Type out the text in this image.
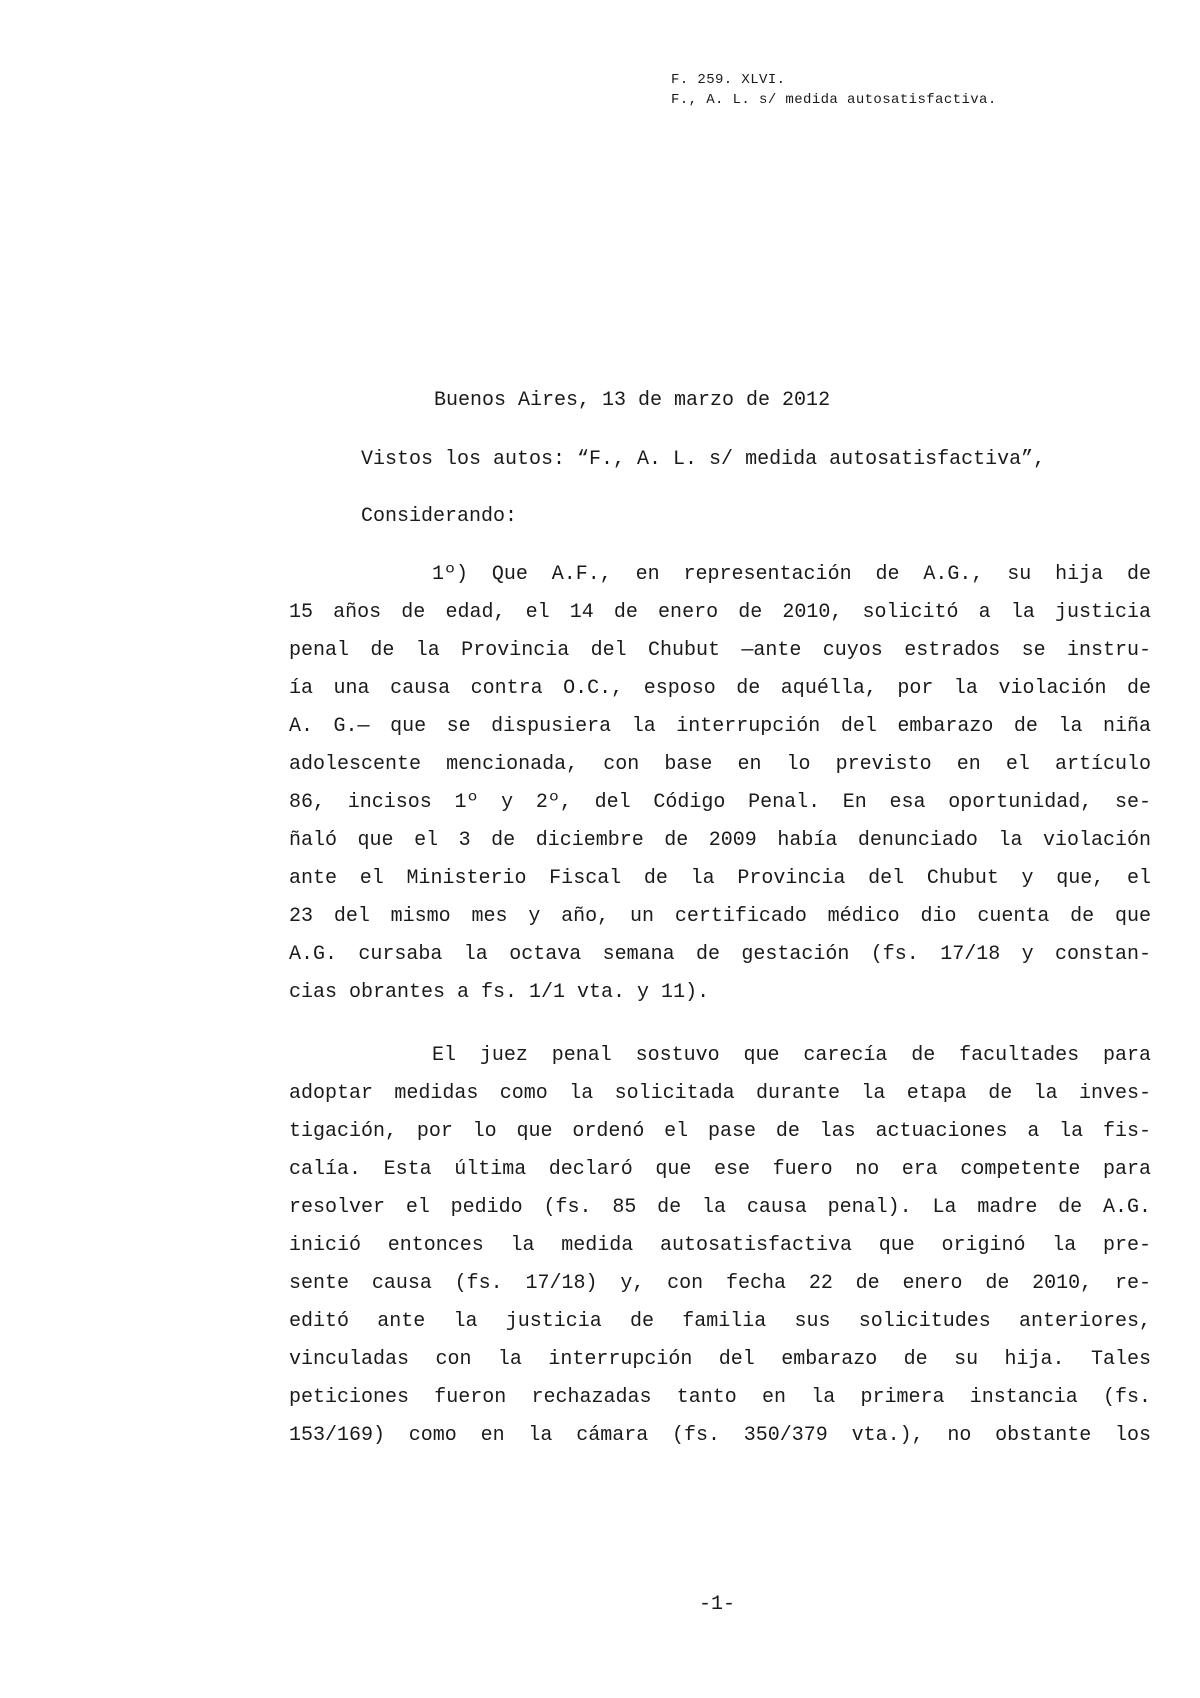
F. 259. XLVI.
F., A. L. s/ medida autosatisfactiva.
Buenos Aires, 13 de marzo de 2012
Vistos los autos: “F., A. L. s/ medida autosatisfactiva”,
Considerando:
1º) Que A.F., en representación de A.G., su hija de
15 años de edad, el 14 de enero de 2010, solicitó a la justicia
penal de la Provincia del Chubut —ante cuyos estrados se instru-
ía una causa contra O.C., esposo de aquélla, por la violación de
A. G.— que se dispusiera la interrupción del embarazo de la niña
adolescente mencionada, con base en lo previsto en el artículo
86, incisos 1º y 2º, del Código Penal. En esa oportunidad, se-
ñaló que el 3 de diciembre de 2009 había denunciado la violación
ante el Ministerio Fiscal de la Provincia del Chubut y que, el
23 del mismo mes y año, un certificado médico dio cuenta de que
A.G. cursaba la octava semana de gestación (fs. 17/18 y constan-
cias obrantes a fs. 1/1 vta. y 11).
El juez penal sostuvo que carecía de facultades para
adoptar medidas como la solicitada durante la etapa de la inves-
tigación, por lo que ordenó el pase de las actuaciones a la fis-
calía. Esta última declaró que ese fuero no era competente para
resolver el pedido (fs. 85 de la causa penal). La madre de A.G.
inició entonces la medida autosatisfactiva que originó la pre-
sente causa (fs. 17/18) y, con fecha 22 de enero de 2010, re-
editó ante la justicia de familia sus solicitudes anteriores,
vinculadas con la interrupción del embarazo de su hija. Tales
peticiones fueron rechazadas tanto en la primera instancia (fs.
153/169) como en la cámara (fs. 350/379 vta.), no obstante los
-1-
